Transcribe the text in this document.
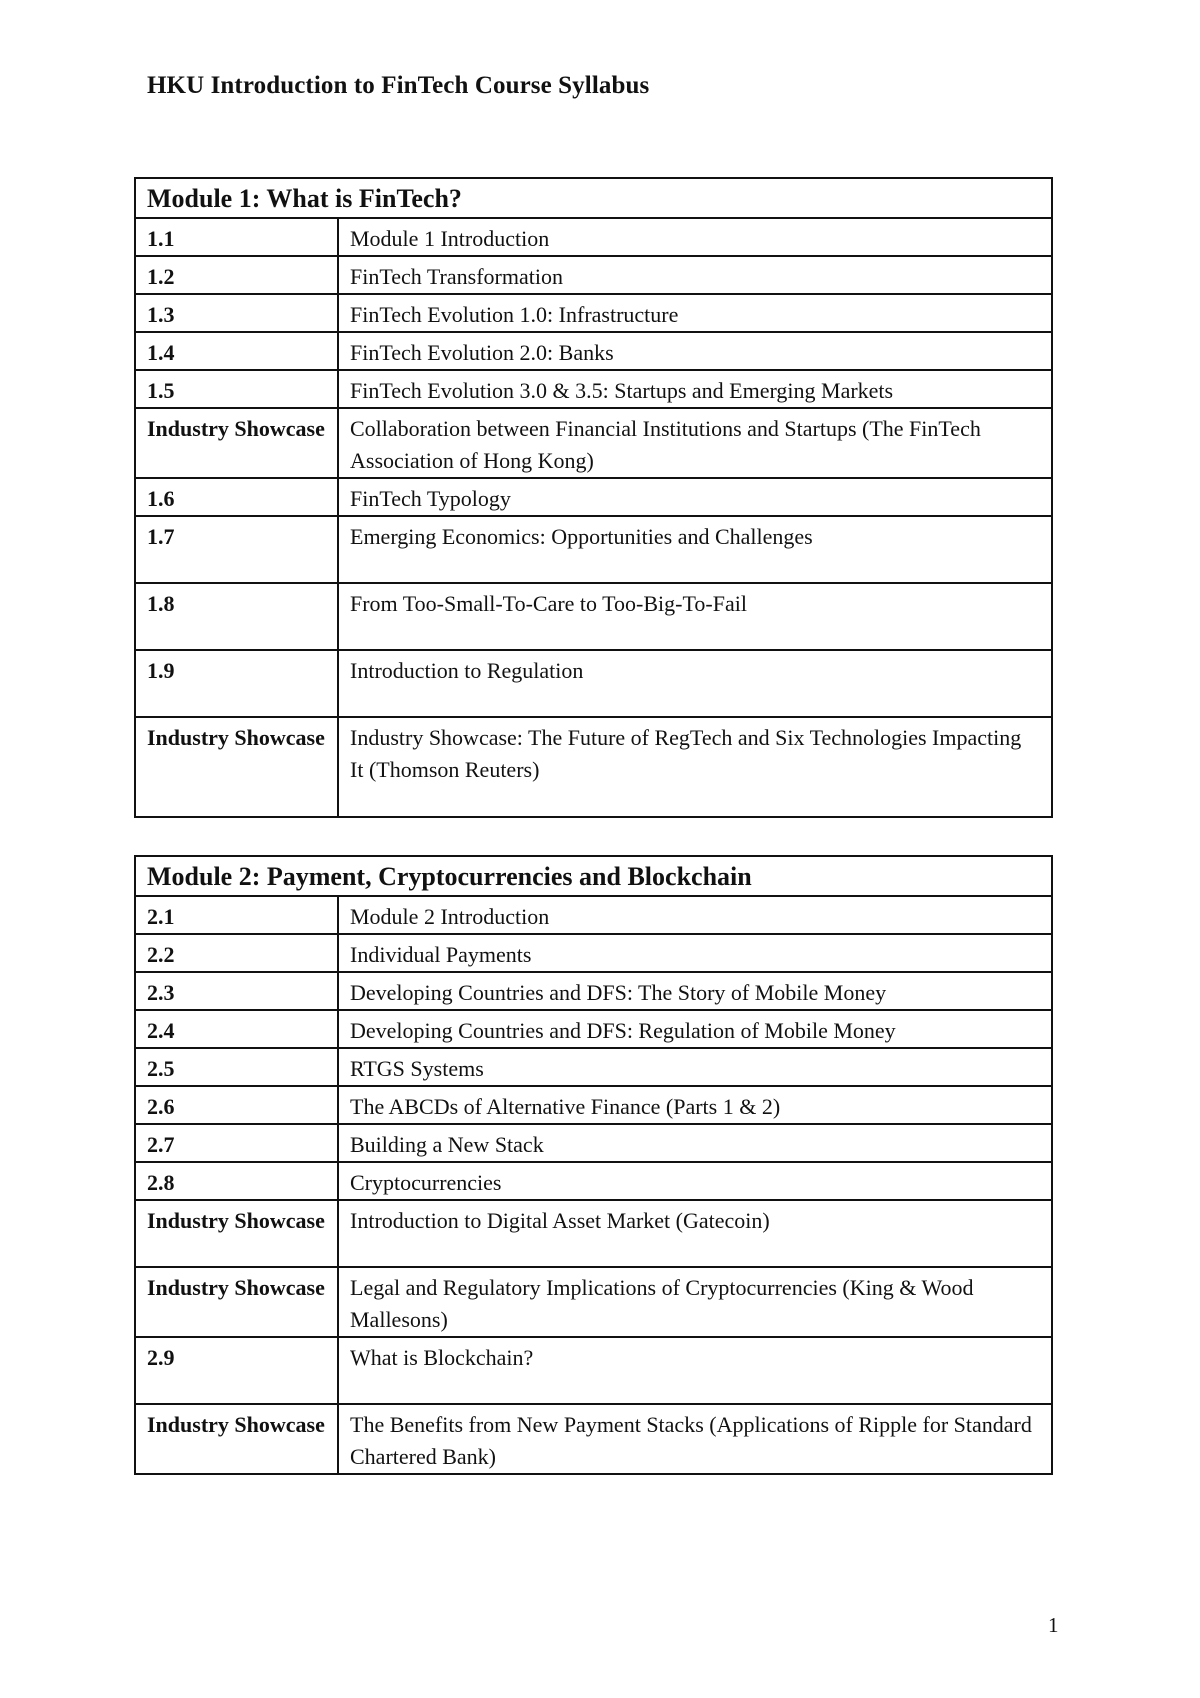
HKU Introduction to FinTech Course Syllabus
Module 1: What is FinTech?	
1.1	Module 1 Introduction
1.2	FinTech Transformation
1.3	FinTech Evolution 1.0: Infrastructure
1.4	FinTech Evolution 2.0: Banks
1.5	FinTech Evolution 3.0 & 3.5: Startups and Emerging Markets
Industry Showcase	Collaboration between Financial Institutions and Startups (The FinTech Association of Hong Kong)
1.6	FinTech Typology
1.7	Emerging Economics: Opportunities and Challenges
1.8	From Too-Small-To-Care to Too-Big-To-Fail
1.9	Introduction to Regulation
Industry Showcase	Industry Showcase: The Future of RegTech and Six Technologies Impacting It (Thomson Reuters)
Module 2: Payment, Cryptocurrencies and Blockchain	
2.1	Module 2 Introduction
2.2	Individual Payments
2.3	Developing Countries and DFS: The Story of Mobile Money
2.4	Developing Countries and DFS: Regulation of Mobile Money
2.5	RTGS Systems
2.6	The ABCDs of Alternative Finance (Parts 1 & 2)
2.7	Building a New Stack
2.8	Cryptocurrencies
Industry Showcase	Introduction to Digital Asset Market (Gatecoin)
Industry Showcase	Legal and Regulatory Implications of Cryptocurrencies (King & Wood Mallesons)
2.9	What is Blockchain?
Industry Showcase	The Benefits from New Payment Stacks (Applications of Ripple for Standard Chartered Bank)
1
